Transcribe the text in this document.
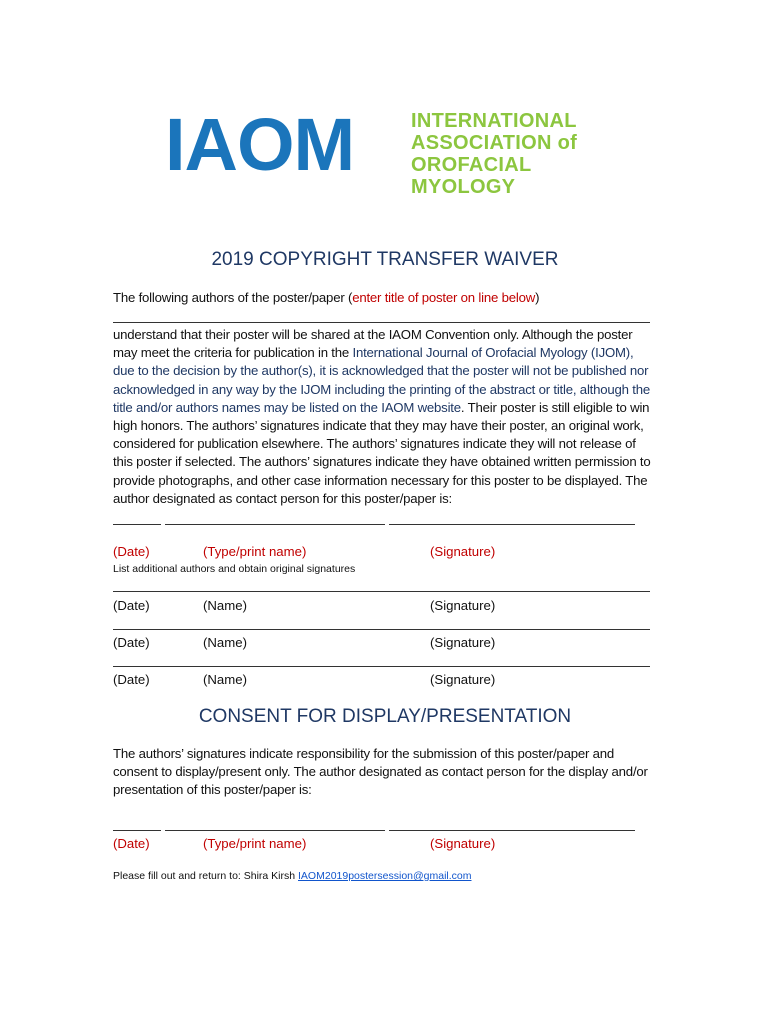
IAOM	INTERNATIONAL
ASSOCIATION of
OROFACIAL MYOLOGY
2019 COPYRIGHT TRANSFER WAIVER
The following authors of the poster/paper (enter title of poster on line below)
understand that their poster will be shared at the IAOM Convention only. Although the poster may meet the criteria for publication in the International Journal of Orofacial Myology (IJOM), due to the decision by the author(s), it is acknowledged that the poster will not be published nor acknowledged in any way by the IJOM including the printing of the abstract or title, although the title and/or authors names may be listed on the IAOM website. Their poster is still eligible to win high honors. The authors’ signatures indicate that they may have their poster, an original work, considered for publication elsewhere. The authors’ signatures indicate they will not release of this poster if selected. The authors’ signatures indicate they have obtained written permission to provide photographs, and other case information necessary for this poster to be displayed. The author designated as contact person for this poster/paper is:
(Date)	(Type/print name)	(Signature)
List additional authors and obtain original signatures
(Date)	(Name)	(Signature)
(Date)	(Name)	(Signature)
(Date)	(Name)	(Signature)
CONSENT FOR DISPLAY/PRESENTATION
The authors’ signatures indicate responsibility for the submission of this poster/paper and consent to display/present only. The author designated as contact person for the display and/or presentation of this poster/paper is:
(Date)	(Type/print name)	(Signature)
Please fill out and return to: Shira Kirsh IAOM2019postersession@gmail.com
